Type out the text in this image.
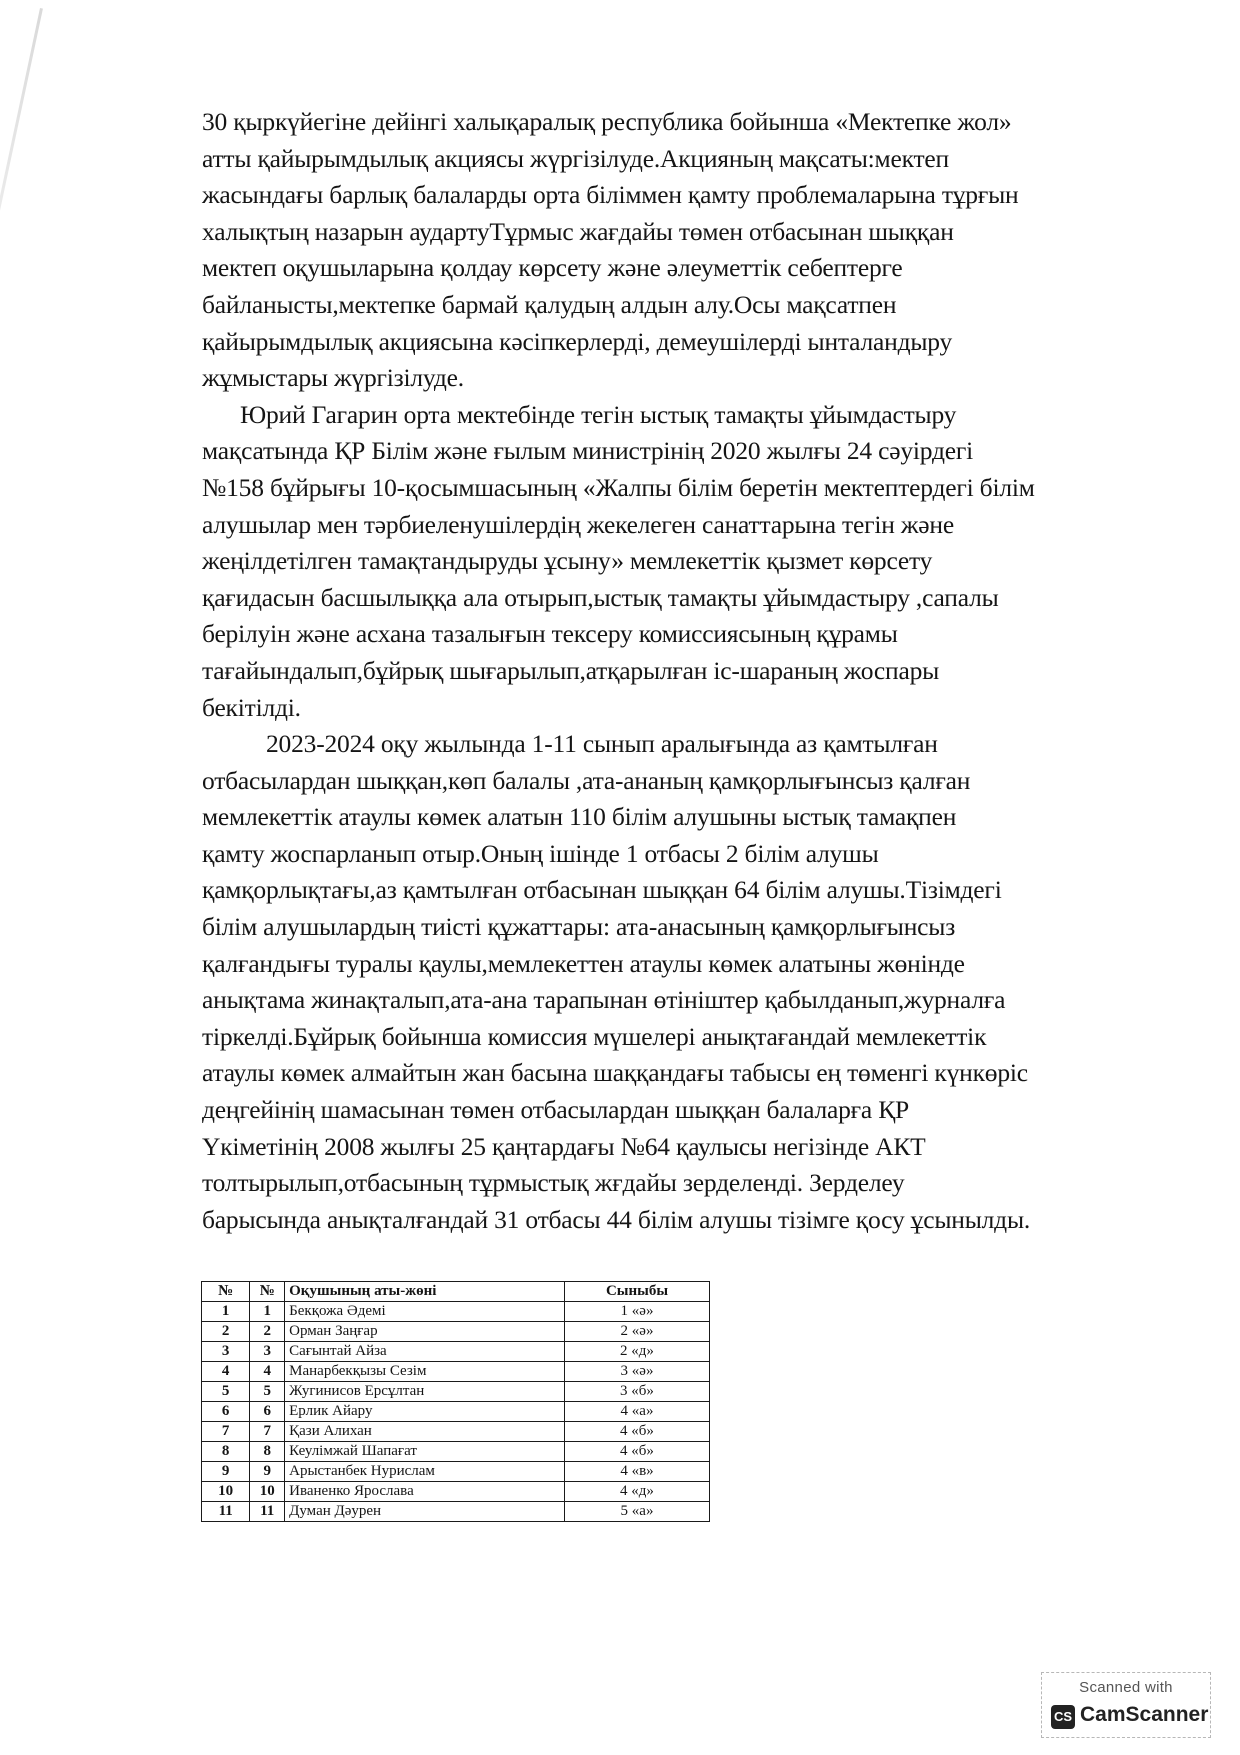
30 қыркүйегіне дейінгі халықаралық республика бойынша «Мектепке жол»
атты қайырымдылық акциясы жүргізілуде.Акцияның мақсаты:мектеп
жасындағы барлық балаларды орта біліммен қамту проблемаларына тұрғын
халықтың назарын аудартуТұрмыс жағдайы төмен отбасынан шыққан
мектеп оқушыларына қолдау көрсету және әлеуметтік себептерге
байланысты,мектепке бармай қалудың алдын алу.Осы мақсатпен
қайырымдылық акциясына кәсіпкерлерді, демеушілерді ынталандыру
жұмыстары жүргізілуде.

Юрий Гагарин орта мектебінде тегін ыстық тамақты ұйымдастыру
мақсатында ҚР Білім және ғылым министрінің 2020 жылғы 24 сәуірдегі
№158 бұйрығы 10-қосымшасының «Жалпы білім беретін мектептердегі білім
алушылар мен тәрбиеленушілердің жекелеген санаттарына тегін және
жеңілдетілген тамақтандыруды ұсыну» мемлекеттік қызмет көрсету
қағидасын басшылыққа ала отырып,ыстық тамақты ұйымдастыру ,сапалы
берілуін және асхана тазалығын тексеру комиссиясының құрамы
тағайындалып,бұйрық шығарылып,атқарылған іс-шараның жоспары
бекітілді.

2023-2024 оқу жылында 1-11 сынып аралығында аз қамтылған
отбасылардан шыққан,көп балалы ,ата-ананың қамқорлығынсыз қалған
мемлекеттік атаулы көмек алатын 110 білім алушыны ыстық тамақпен
қамту жоспарланып отыр.Оның ішінде 1 отбасы 2 білім алушы
қамқорлықтағы,аз қамтылған отбасынан шыққан 64 білім алушы.Тізімдегі
білім алушылардың тиісті құжаттары: ата-анасының қамқорлығынсыз
қалғандығы туралы қаулы,мемлекеттен атаулы көмек алатыны жөнінде
анықтама жинақталып,ата-ана тарапынан өтініштер қабылданып,журналға
тіркелді.Бұйрық бойынша комиссия мүшелері анықтағандай мемлекеттік
атаулы көмек алмайтын жан басына шаққандағы табысы ең төменгі күнкөріс
деңгейінің шамасынан төмен отбасылардан шыққан балаларға ҚР
Үкіметінің 2008 жылғы 25 қаңтардағы №64 қаулысы негізінде АКТ
толтырылып,отбасының тұрмыстық жғдайы зерделенді. Зерделеу
барысында анықталғандай 31 отбасы 44 білім алушы тізімге қосу ұсынылды.

№	№	Оқушының аты-жөні	Сыныбы
1	1	Бекқожа Әдемі	1 «ә»
2	2	Орман Заңғар	2 «ә»
3	3	Сағынтай Айза	2 «д»
4	4	Манарбекқызы Сезім	3 «ә»
5	5	Жугинисов Ерсұлтан	3 «б»
6	6	Ерлик Айару	4 «а»
7	7	Қази Алихан	4 «б»
8	8	Кеулімжай Шапағат	4 «б»
9	9	Арыстанбек Нурислам	4 «в»
10	10	Иваненко Ярослава	4 «д»
11	11	Думан Дәурен	5 «а»
Scanned with
CS CamScanner
